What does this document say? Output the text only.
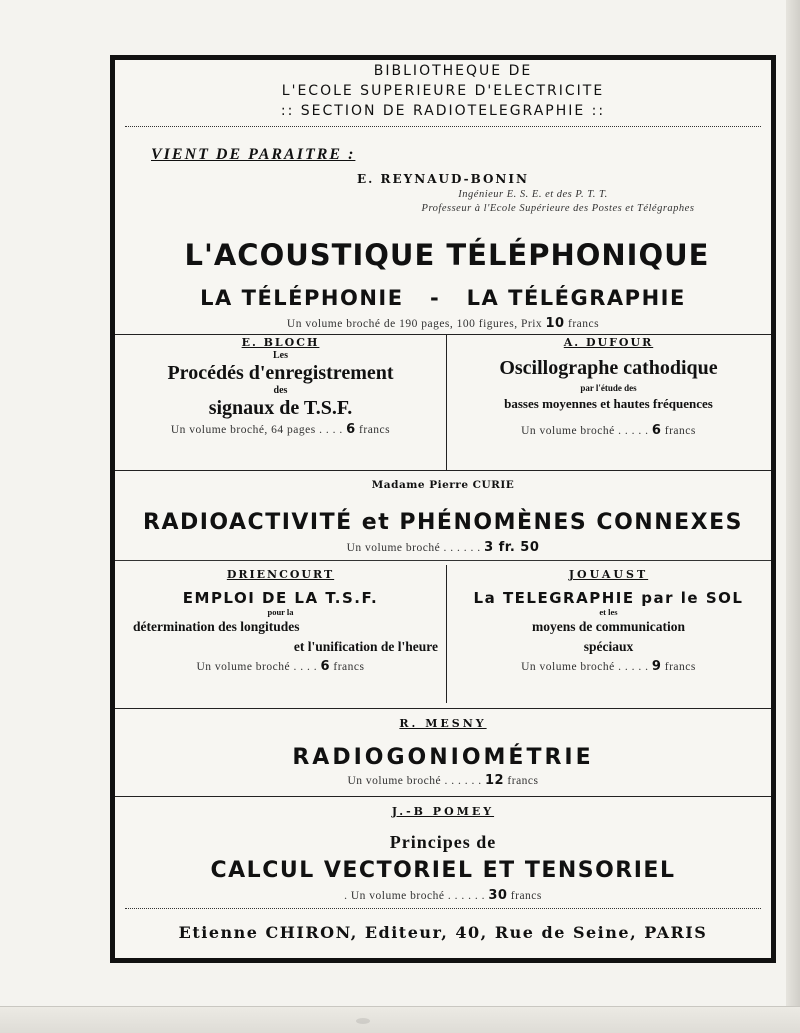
BIBLIOTHEQUE DE
L'ECOLE SUPERIEURE D'ELECTRICITE
:: SECTION DE RADIOTELEGRAPHIE ::
VIENT DE PARAITRE :
E. REYNAUD-BONIN
Ingénieur E. S. E. et des P. T. T.
Professeur à l'Ecole Supérieure des Postes et Télégraphes
L'ACOUSTIQUE TÉLÉPHONIQUE
LA TÉLÉPHONIE - LA TÉLÉGRAPHIE
Un volume broché de 190 pages, 100 figures, Prix 10 francs
E. BLOCH
Les
Procédés d'enregistrement
des
signaux de T.S.F.
Un volume broché, 64 pages . . . . 6 francs
A. DUFOUR
Oscillographe cathodique
par l'étude des
basses moyennes et hautes fréquences
Un volume broché . . . . . 6 francs
Madame Pierre CURIE
RADIOACTIVITÉ et PHÉNOMÈNES CONNEXES
Un volume broché . . . . . . 3 fr. 50
DRIENCOURT
EMPLOI DE LA T.S.F.
pour la
détermination des longitudes
et l'unification de l'heure
Un volume broché . . . . 6 francs
JOUAUST
La TELEGRAPHIE par le SOL
et les
moyens de communication
spéciaux
Un volume broché . . . . . 9 francs
R. MESNY
RADIOGONIOMÉTRIE
Un volume broché . . . . . . 12 francs
J.-B POMEY
Principes de
CALCUL VECTORIEL ET TENSORIEL
. Un volume broché . . . . . . 30 francs
Etienne CHIRON, Editeur, 40, Rue de Seine, PARIS
